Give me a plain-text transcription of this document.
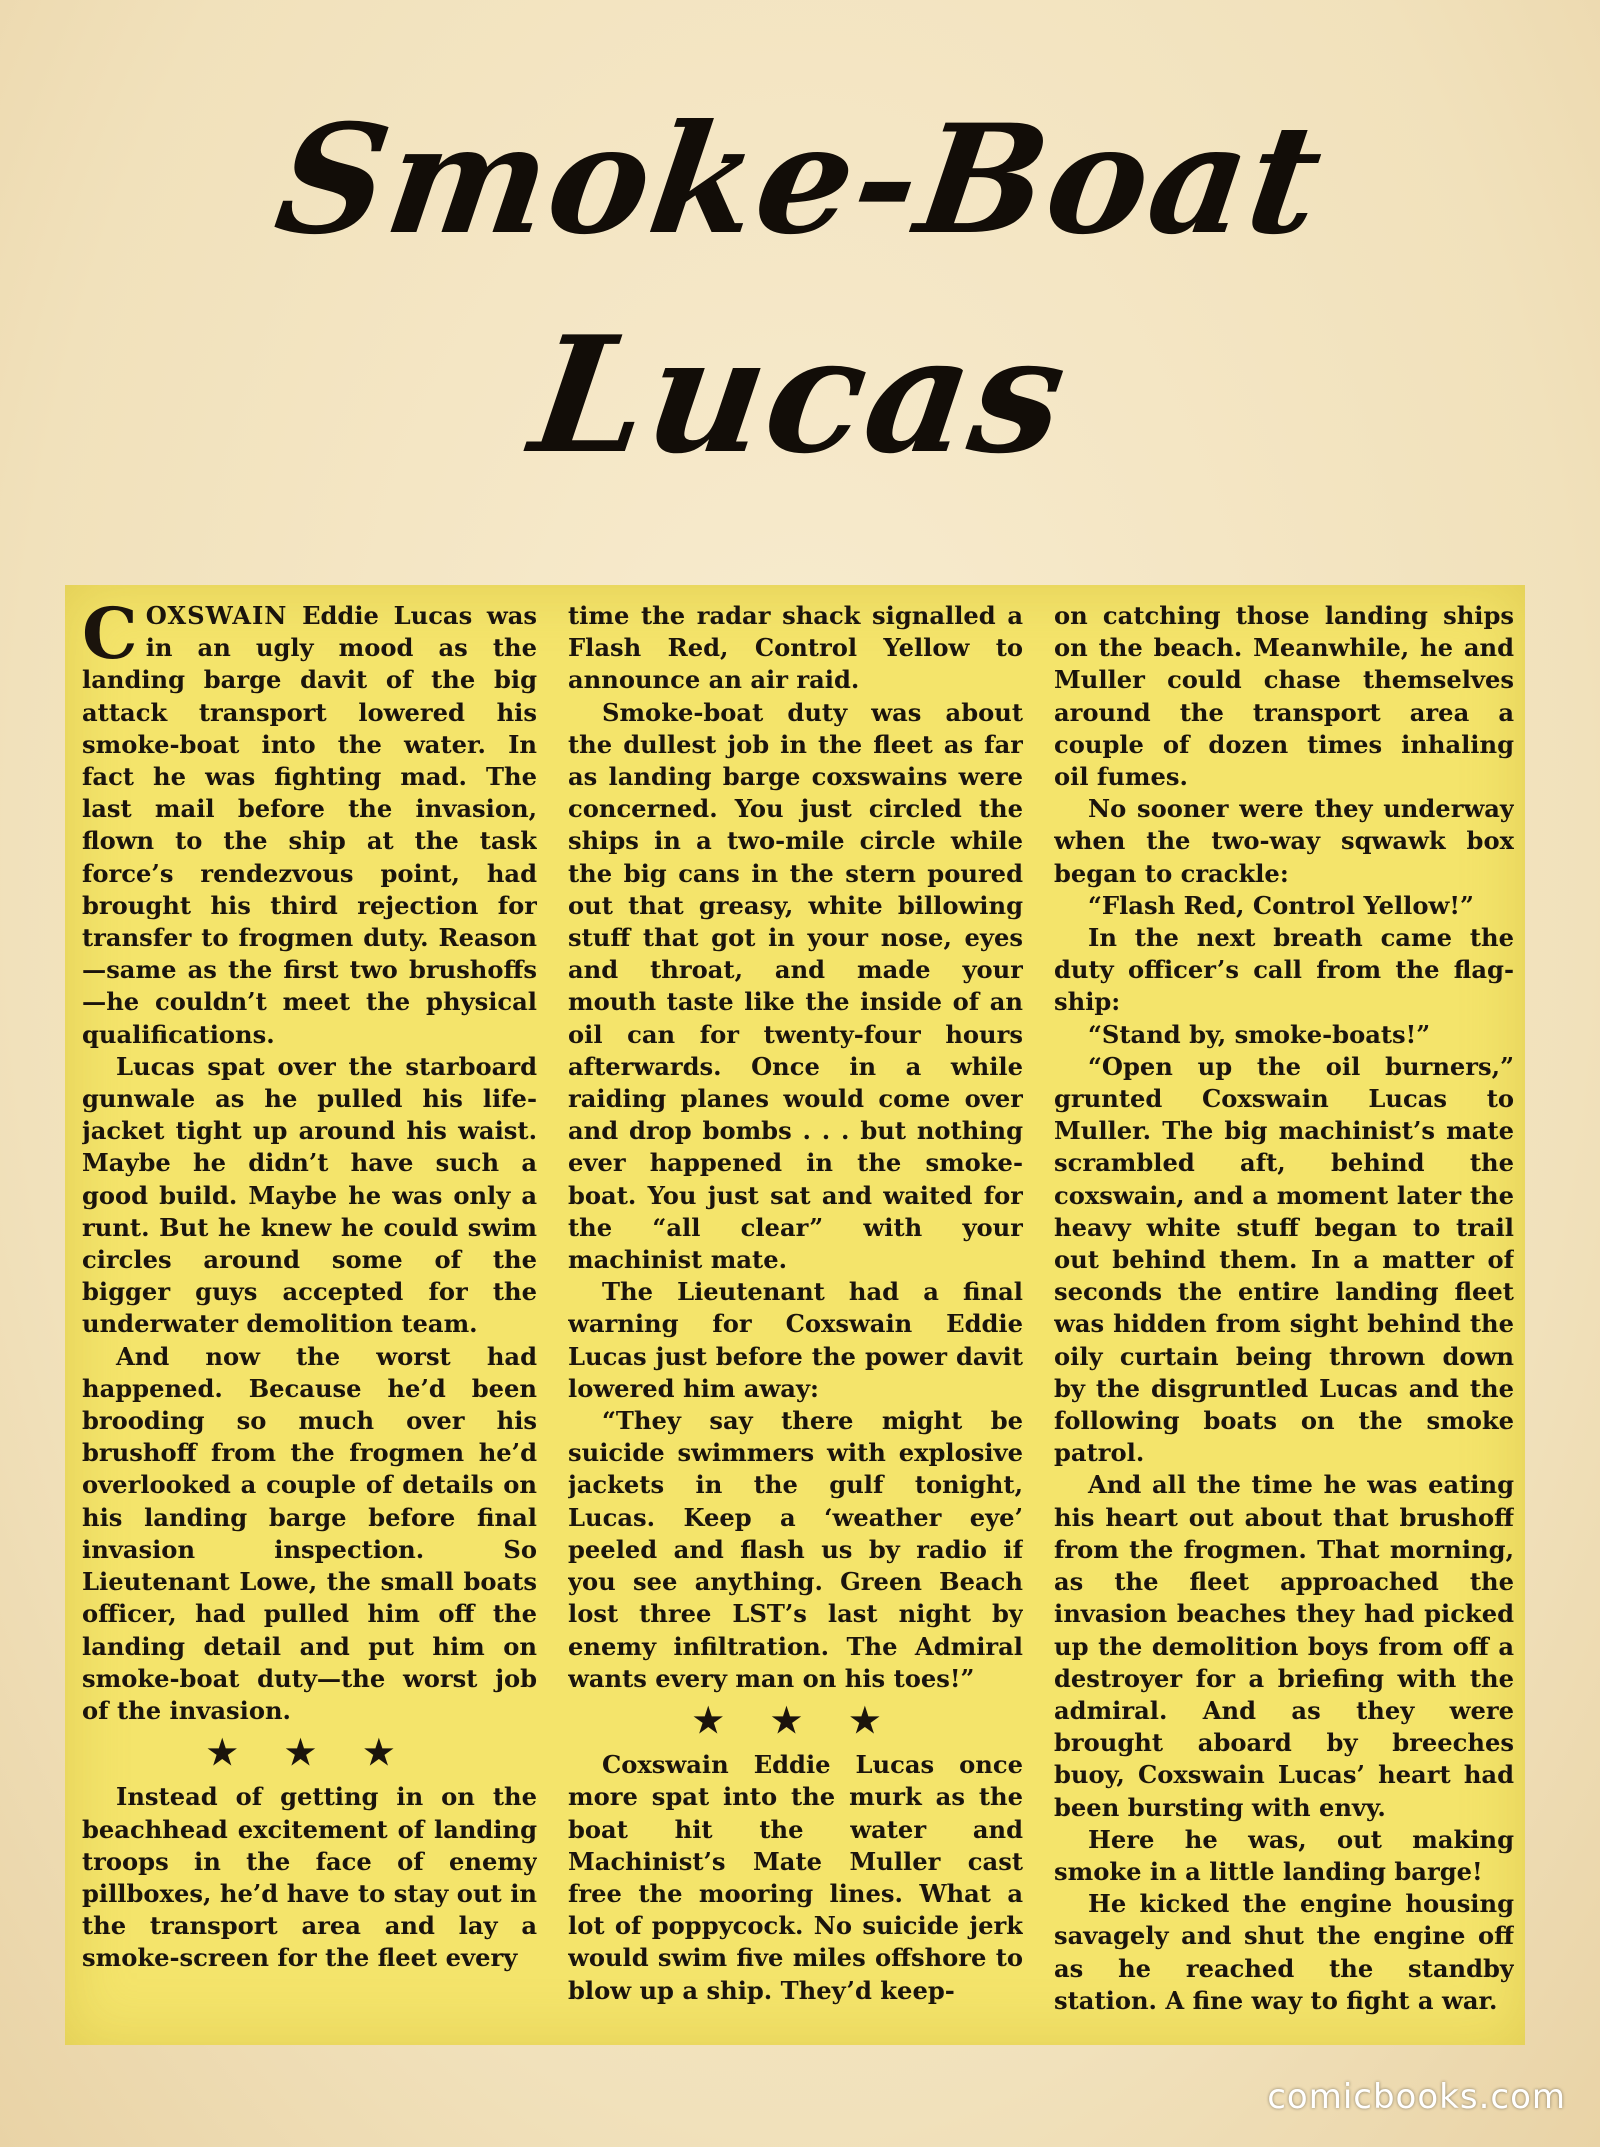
Smoke-Boat
Lucas

COXSWAIN Eddie Lucas was in an ugly mood as the landing barge davit of the big attack transport lowered his smoke-boat into the water. In fact he was fighting mad. The last mail before the invasion, flown to the ship at the task force’s rendezvous point, had brought his third rejection for transfer to frogmen duty. Reason—same as the first two brushoffs—he couldn’t meet the physical qualifications.

Lucas spat over the starboard gunwale as he pulled his life-jacket tight up around his waist. Maybe he didn’t have such a good build. Maybe he was only a runt. But he knew he could swim circles around some of the bigger guys accepted for the underwater demolition team.

And now the worst had happened. Because he’d been brooding so much over his brushoff from the frogmen he’d overlooked a couple of details on his landing barge before final invasion inspection. So Lieutenant Lowe, the small boats officer, had pulled him off the landing detail and put him on smoke-boat duty—the worst job of the invasion.

★ ★ ★

Instead of getting in on the beachhead excitement of landing troops in the face of enemy pillboxes, he’d have to stay out in the transport area and lay a smoke-screen for the fleet every

time the radar shack signalled a Flash Red, Control Yellow to announce an air raid.

Smoke-boat duty was about the dullest job in the fleet as far as landing barge coxswains were concerned. You just circled the ships in a two-mile circle while the big cans in the stern poured out that greasy, white billowing stuff that got in your nose, eyes and throat, and made your mouth taste like the inside of an oil can for twenty-four hours afterwards. Once in a while raiding planes would come over and drop bombs . . . but nothing ever happened in the smoke-boat. You just sat and waited for the “all clear” with your machinist mate.

The Lieutenant had a final warning for Coxswain Eddie Lucas just before the power davit lowered him away:

“They say there might be suicide swimmers with explosive jackets in the gulf tonight, Lucas. Keep a ‘weather eye’ peeled and flash us by radio if you see anything. Green Beach lost three LST’s last night by enemy infiltration. The Admiral wants every man on his toes!”

★ ★ ★

Coxswain Eddie Lucas once more spat into the murk as the boat hit the water and Machinist’s Mate Muller cast free the mooring lines. What a lot of poppycock. No suicide jerk would swim five miles offshore to blow up a ship. They’d keep-

on catching those landing ships on the beach. Meanwhile, he and Muller could chase themselves around the transport area a couple of dozen times inhaling oil fumes.

No sooner were they underway when the two-way sqwawk box began to crackle:

“Flash Red, Control Yellow!”

In the next breath came the duty officer’s call from the flag-ship:

“Stand by, smoke-boats!”

“Open up the oil burners,” grunted Coxswain Lucas to Muller. The big machinist’s mate scrambled aft, behind the coxswain, and a moment later the heavy white stuff began to trail out behind them. In a matter of seconds the entire landing fleet was hidden from sight behind the oily curtain being thrown down by the disgruntled Lucas and the following boats on the smoke patrol.

And all the time he was eating his heart out about that brushoff from the frogmen. That morning, as the fleet approached the invasion beaches they had picked up the demolition boys from off a destroyer for a briefing with the admiral. And as they were brought aboard by breeches buoy, Coxswain Lucas’ heart had been bursting with envy.

Here he was, out making smoke in a little landing barge!

He kicked the engine housing savagely and shut the engine off as he reached the standby station. A fine way to fight a war.

comicbooks.com
